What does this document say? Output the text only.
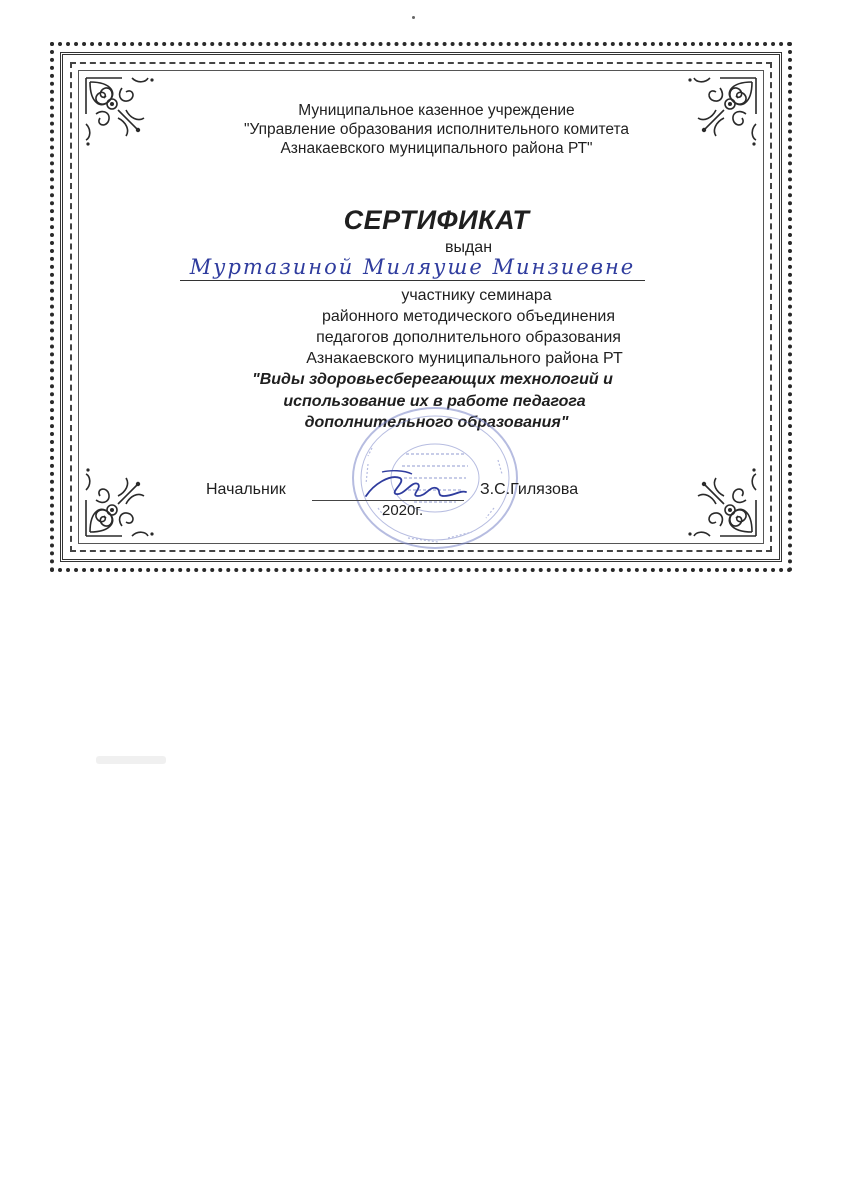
Муниципальное казенное учреждение
"Управление образования исполнительного комитета
Азнакаевского муниципального района РТ"
СЕРТИФИКАТ
выдан
Муртазиной Миляуше Минзиевне
участнику семинара
районного методического объединения
педагогов дополнительного образования
Азнакаевского муниципального района РТ
"Виды здоровьесберегающих технологий и
использование их в работе педагога
дополнительного образования"
Начальник	З.С.Гилязова
2020г.
